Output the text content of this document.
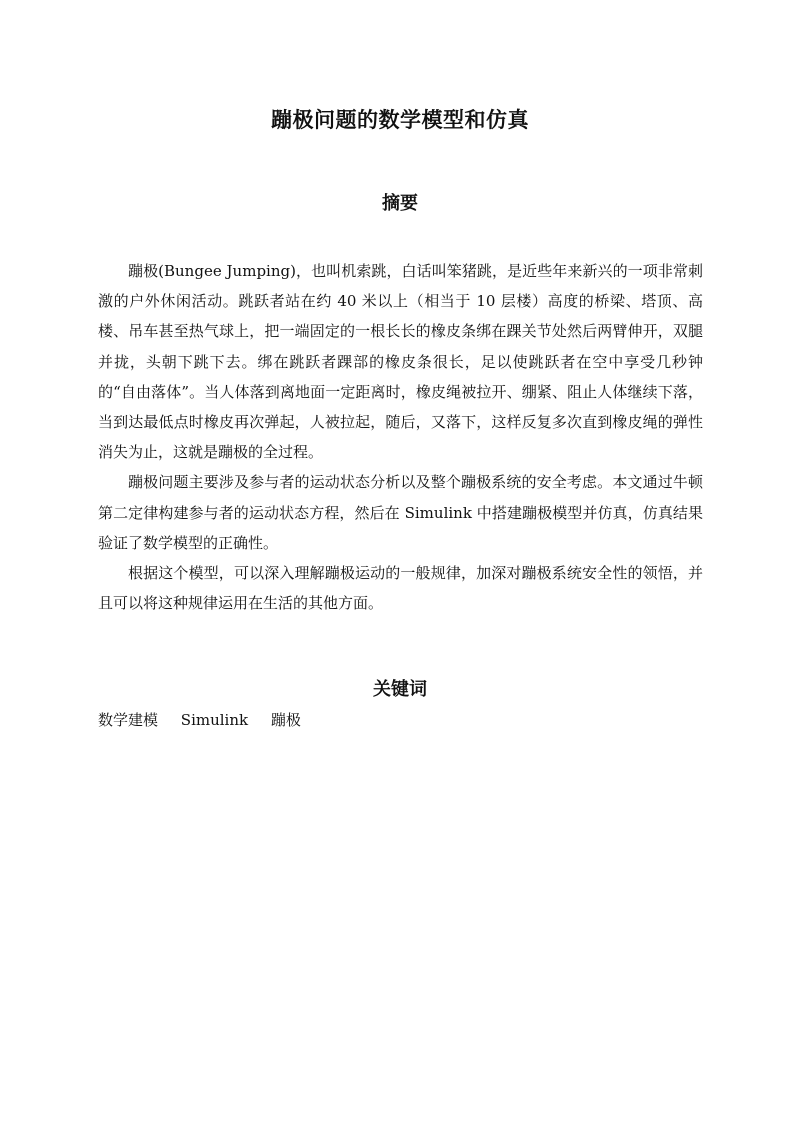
蹦极问题的数学模型和仿真
摘要

蹦极(Bungee Jumping)，也叫机索跳，白话叫笨猪跳，是近些年来新兴的一项非常刺激的户外休闲活动。跳跃者站在约 40 米以上（相当于 10 层楼）高度的桥梁、塔顶、高楼、吊车甚至热气球上，把一端固定的一根长长的橡皮条绑在踝关节处然后两臂伸开，双腿并拢，头朝下跳下去。绑在跳跃者踝部的橡皮条很长，足以使跳跃者在空中享受几秒钟的“自由落体”。当人体落到离地面一定距离时，橡皮绳被拉开、绷紧、阻止人体继续下落，当到达最低点时橡皮再次弹起，人被拉起，随后，又落下，这样反复多次直到橡皮绳的弹性消失为止，这就是蹦极的全过程。

蹦极问题主要涉及参与者的运动状态分析以及整个蹦极系统的安全考虑。本文通过牛顿第二定律构建参与者的运动状态方程，然后在 Simulink 中搭建蹦极模型并仿真，仿真结果验证了数学模型的正确性。

根据这个模型，可以深入理解蹦极运动的一般规律，加深对蹦极系统安全性的领悟，并且可以将这种规律运用在生活的其他方面。

关键词
数学建模 Simulink 蹦极
